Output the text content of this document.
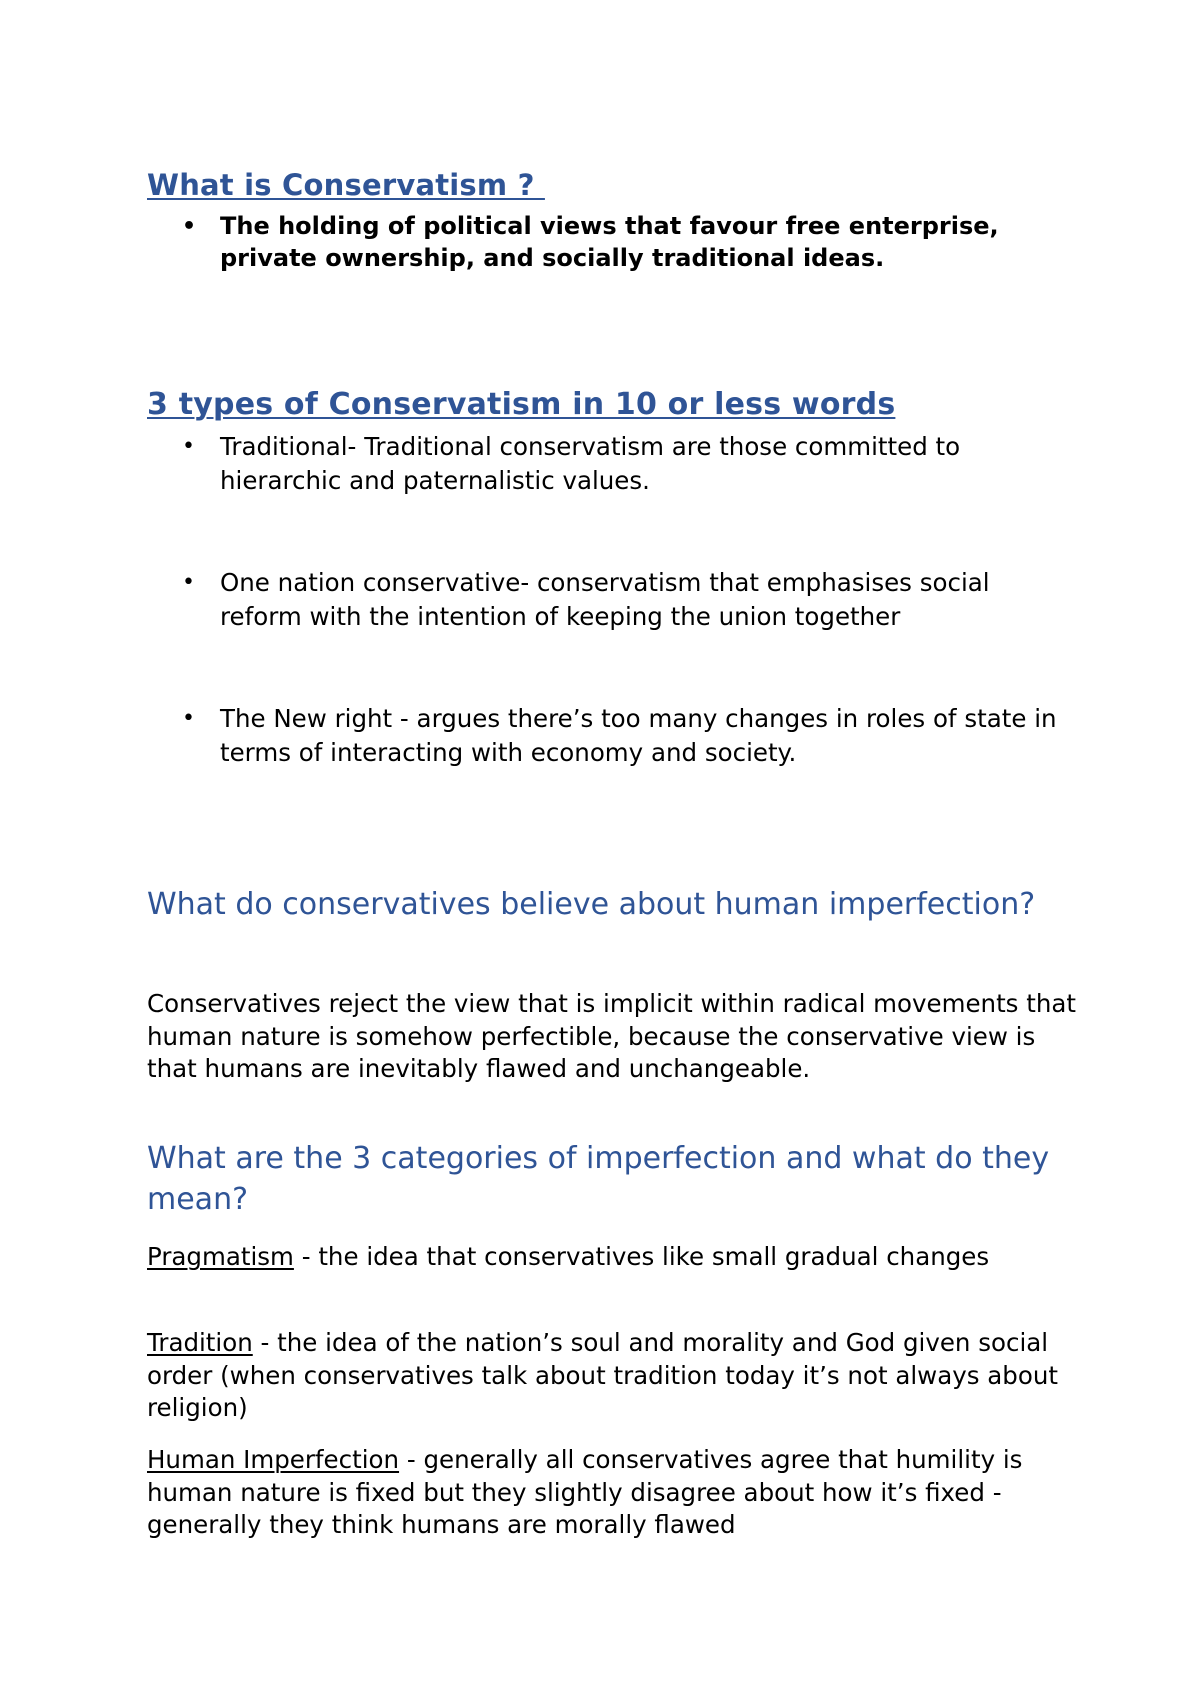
What is Conservatism ?
• The holding of political views that favour free enterprise, private ownership, and socially traditional ideas.
3 types of Conservatism in 10 or less words
• Traditional- Traditional conservatism are those committed to hierarchic and paternalistic values.
• One nation conservative- conservatism that emphasises social reform with the intention of keeping the union together
• The New right - argues there’s too many changes in roles of state in terms of interacting with economy and society.
What do conservatives believe about human imperfection?

Conservatives reject the view that is implicit within radical movements that human nature is somehow perfectible, because the conservative view is that humans are inevitably flawed and unchangeable.

What are the 3 categories of imperfection and what do they mean?

Pragmatism - the idea that conservatives like small gradual changes

Tradition - the idea of the nation’s soul and morality and God given social order (when conservatives talk about tradition today it’s not always about religion)

Human Imperfection - generally all conservatives agree that humility is human nature is fixed but they slightly disagree about how it’s fixed - generally they think humans are morally flawed
